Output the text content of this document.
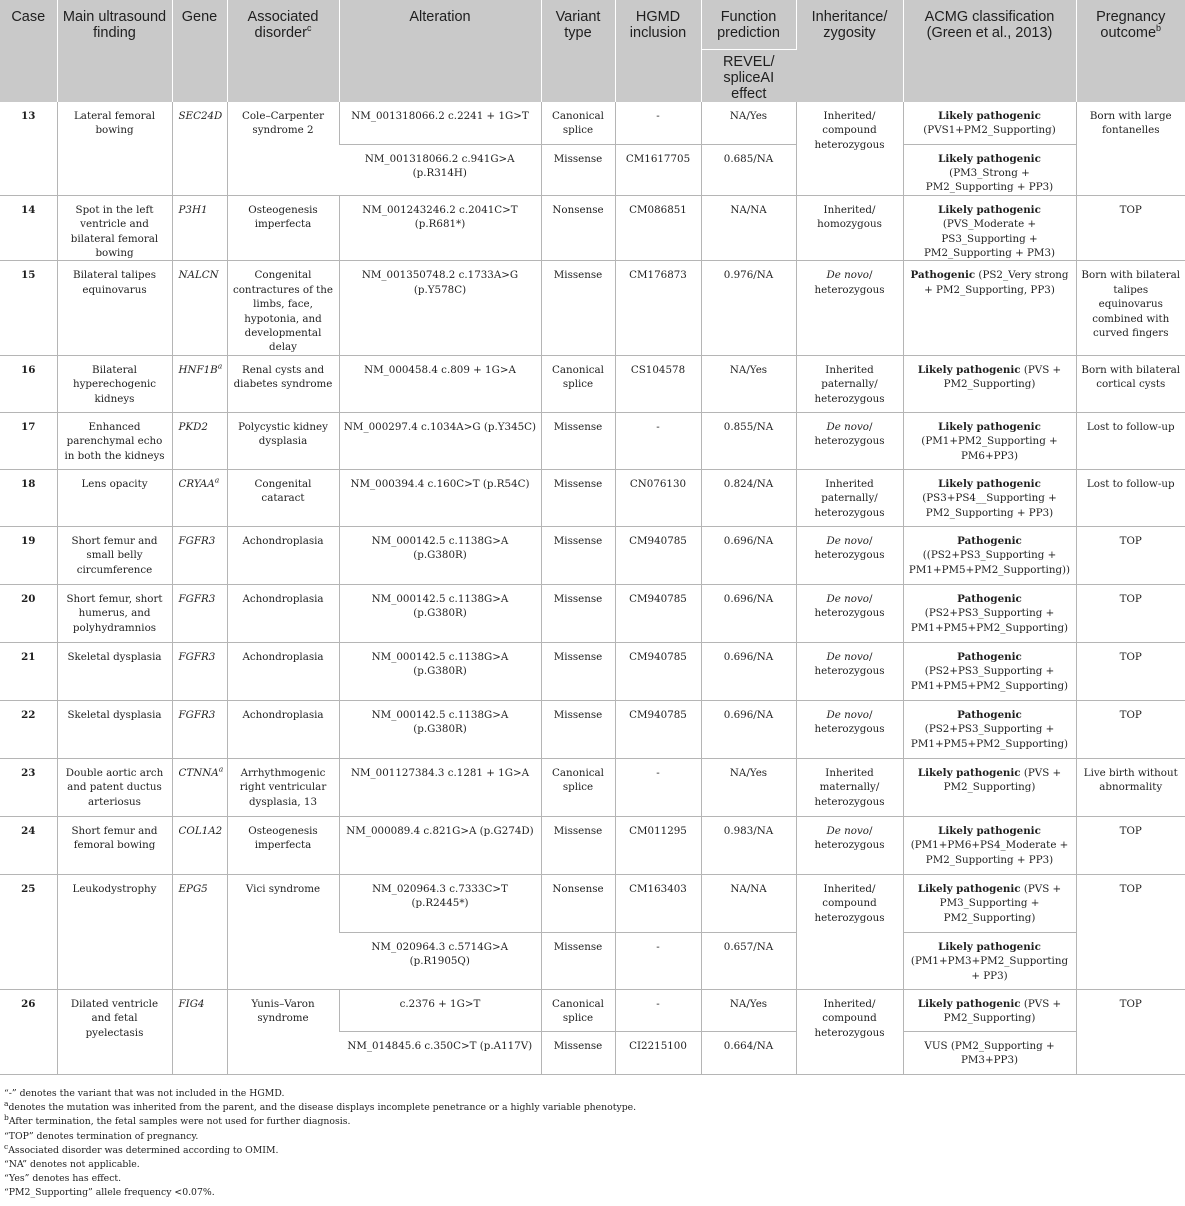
Case	Main ultrasound finding	Gene	Associated disorder$^c$	Alteration	Variant type	HGMD inclusion	Function prediction	Inheritance/ zygosity	ACMG classification (Green et al., 2013)	Pregnancy outcome$^b$
							REVEL/ spliceAI effect			
13	Lateral femoral bowing	SEC24D	Cole–Carpenter syndrome 2	NM_001318066.2 c.2241 + 1G>T	Canonical splice	-	NA/Yes	Inherited/ compound heterozygous	Likely pathogenic (PVS1+PM2_Supporting)	Born with large fontanelles
				NM_001318066.2 c.941G>A (p.R314H)	Missense	CM1617705	0.685/NA		Likely pathogenic (PM3_Strong + PM2_Supporting + PP3)	
14	Spot in the left ventricle and bilateral femoral bowing	P3H1	Osteogenesis imperfecta	NM_001243246.2 c.2041C>T (p.R681*)	Nonsense	CM086851	NA/NA	Inherited/ homozygous	Likely pathogenic (PVS_Moderate + PS3_Supporting + PM2_Supporting + PM3)	TOP
15	Bilateral talipes equinovarus	NALCN	Congenital contractures of the limbs, face, hypotonia, and developmental delay	NM_001350748.2 c.1733A>G (p.Y578C)	Missense	CM176873	0.976/NA	De novo/ heterozygous	Pathogenic (PS2_Very strong + PM2_Supporting, PP3)	Born with bilateral talipes equinovarus combined with curved fingers
16	Bilateral hyperechogenic kidneys	HNF1B$^a$	Renal cysts and diabetes syndrome	NM_000458.4 c.809 + 1G>A	Canonical splice	CS104578	NA/Yes	Inherited paternally/ heterozygous	Likely pathogenic (PVS + PM2_Supporting)	Born with bilateral cortical cysts
17	Enhanced parenchymal echo in both the kidneys	PKD2	Polycystic kidney dysplasia	NM_000297.4 c.1034A>G (p.Y345C)	Missense	-	0.855/NA	De novo/ heterozygous	Likely pathogenic (PM1+PM2_Supporting + PM6+PP3)	Lost to follow-up
18	Lens opacity	CRYAA$^a$	Congenital cataract	NM_000394.4 c.160C>T (p.R54C)	Missense	CN076130	0.824/NA	Inherited paternally/ heterozygous	Likely pathogenic (PS3+PS4__Supporting + PM2_Supporting + PP3)	Lost to follow-up
19	Short femur and small belly circumference	FGFR3	Achondroplasia	NM_000142.5 c.1138G>A (p.G380R)	Missense	CM940785	0.696/NA	De novo/ heterozygous	Pathogenic ((PS2+PS3_Supporting + PM1+PM5+PM2_Supporting))	TOP
20	Short femur, short humerus, and polyhydramnios	FGFR3	Achondroplasia	NM_000142.5 c.1138G>A (p.G380R)	Missense	CM940785	0.696/NA	De novo/ heterozygous	Pathogenic (PS2+PS3_Supporting + PM1+PM5+PM2_Supporting)	TOP
21	Skeletal dysplasia	FGFR3	Achondroplasia	NM_000142.5 c.1138G>A (p.G380R)	Missense	CM940785	0.696/NA	De novo/ heterozygous	Pathogenic (PS2+PS3_Supporting + PM1+PM5+PM2_Supporting)	TOP
22	Skeletal dysplasia	FGFR3	Achondroplasia	NM_000142.5 c.1138G>A (p.G380R)	Missense	CM940785	0.696/NA	De novo/ heterozygous	Pathogenic (PS2+PS3_Supporting + PM1+PM5+PM2_Supporting)	TOP
23	Double aortic arch and patent ductus arteriosus	CTNNA$^a$	Arrhythmogenic right ventricular dysplasia, 13	NM_001127384.3 c.1281 + 1G>A	Canonical splice	-	NA/Yes	Inherited maternally/ heterozygous	Likely pathogenic (PVS + PM2_Supporting)	Live birth without abnormality
24	Short femur and femoral bowing	COL1A2	Osteogenesis imperfecta	NM_000089.4 c.821G>A (p.G274D)	Missense	CM011295	0.983/NA	De novo/ heterozygous	Likely pathogenic (PM1+PM6+PS4_Moderate + PM2_Supporting + PP3)	TOP
25	Leukodystrophy	EPG5	Vici syndrome	NM_020964.3 c.7333C>T (p.R2445*)	Nonsense	CM163403	NA/NA	Inherited/ compound heterozygous	Likely pathogenic (PVS + PM3_Supporting + PM2_Supporting)	TOP
				NM_020964.3 c.5714G>A (p.R1905Q)	Missense	-	0.657/NA		Likely pathogenic (PM1+PM3+PM2_Supporting + PP3)	
26	Dilated ventricle and fetal pyelectasis	FIG4	Yunis–Varon syndrome	c.2376 + 1G>T	Canonical splice	-	NA/Yes	Inherited/ compound heterozygous	Likely pathogenic (PVS + PM2_Supporting)	TOP
				NM_014845.6 c.350C>T (p.A117V)	Missense	CI2215100	0.664/NA		VUS (PM2_Supporting + PM3+PP3)	
“-” denotes the variant that was not included in the HGMD.
$^a$denotes the mutation was inherited from the parent, and the disease displays incomplete penetrance or a highly variable phenotype.
$^b$After termination, the fetal samples were not used for further diagnosis.
“TOP” denotes termination of pregnancy.
$^c$Associated disorder was determined according to OMIM.
“NA” denotes not applicable.
“Yes” denotes has effect.
“PM2_Supporting” allele frequency <0.07%.
